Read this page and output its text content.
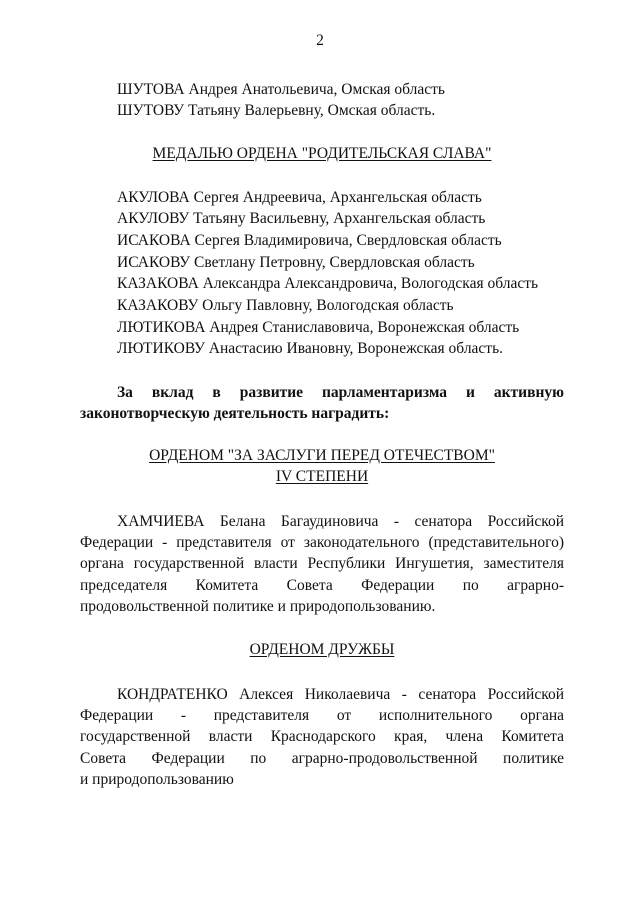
2
ШУТОВА Андрея Анатольевича, Омская область
ШУТОВУ Татьяну Валерьевну, Омская область.
МЕДАЛЬЮ ОРДЕНА "РОДИТЕЛЬСКАЯ СЛАВА"
АКУЛОВА Сергея Андреевича, Архангельская область
АКУЛОВУ Татьяну Васильевну, Архангельская область
ИСАКОВА Сергея Владимировича, Свердловская область
ИСАКОВУ Светлану Петровну, Свердловская область
КАЗАКОВА Александра Александровича, Вологодская область
КАЗАКОВУ Ольгу Павловну, Вологодская область
ЛЮТИКОВА Андрея Станиславовича, Воронежская область
ЛЮТИКОВУ Анастасию Ивановну, Воронежская область.
За вклад в развитие парламентаризма и активную
законотворческую деятельность наградить:
ОРДЕНОМ "ЗА ЗАСЛУГИ ПЕРЕД ОТЕЧЕСТВОМ"
IV СТЕПЕНИ
ХАМЧИЕВА Белана Багаудиновича - сенатора Российской
Федерации - представителя от законодательного (представительного)
органа государственной власти Республики Ингушетия, заместителя
председателя Комитета Совета Федерации по аграрно-
продовольственной политике и природопользованию.
ОРДЕНОМ ДРУЖБЫ
КОНДРАТЕНКО Алексея Николаевича - сенатора Российской
Федерации - представителя от исполнительного органа
государственной власти Краснодарского края, члена Комитета
Совета Федерации по аграрно-продовольственной политике
и природопользованию
